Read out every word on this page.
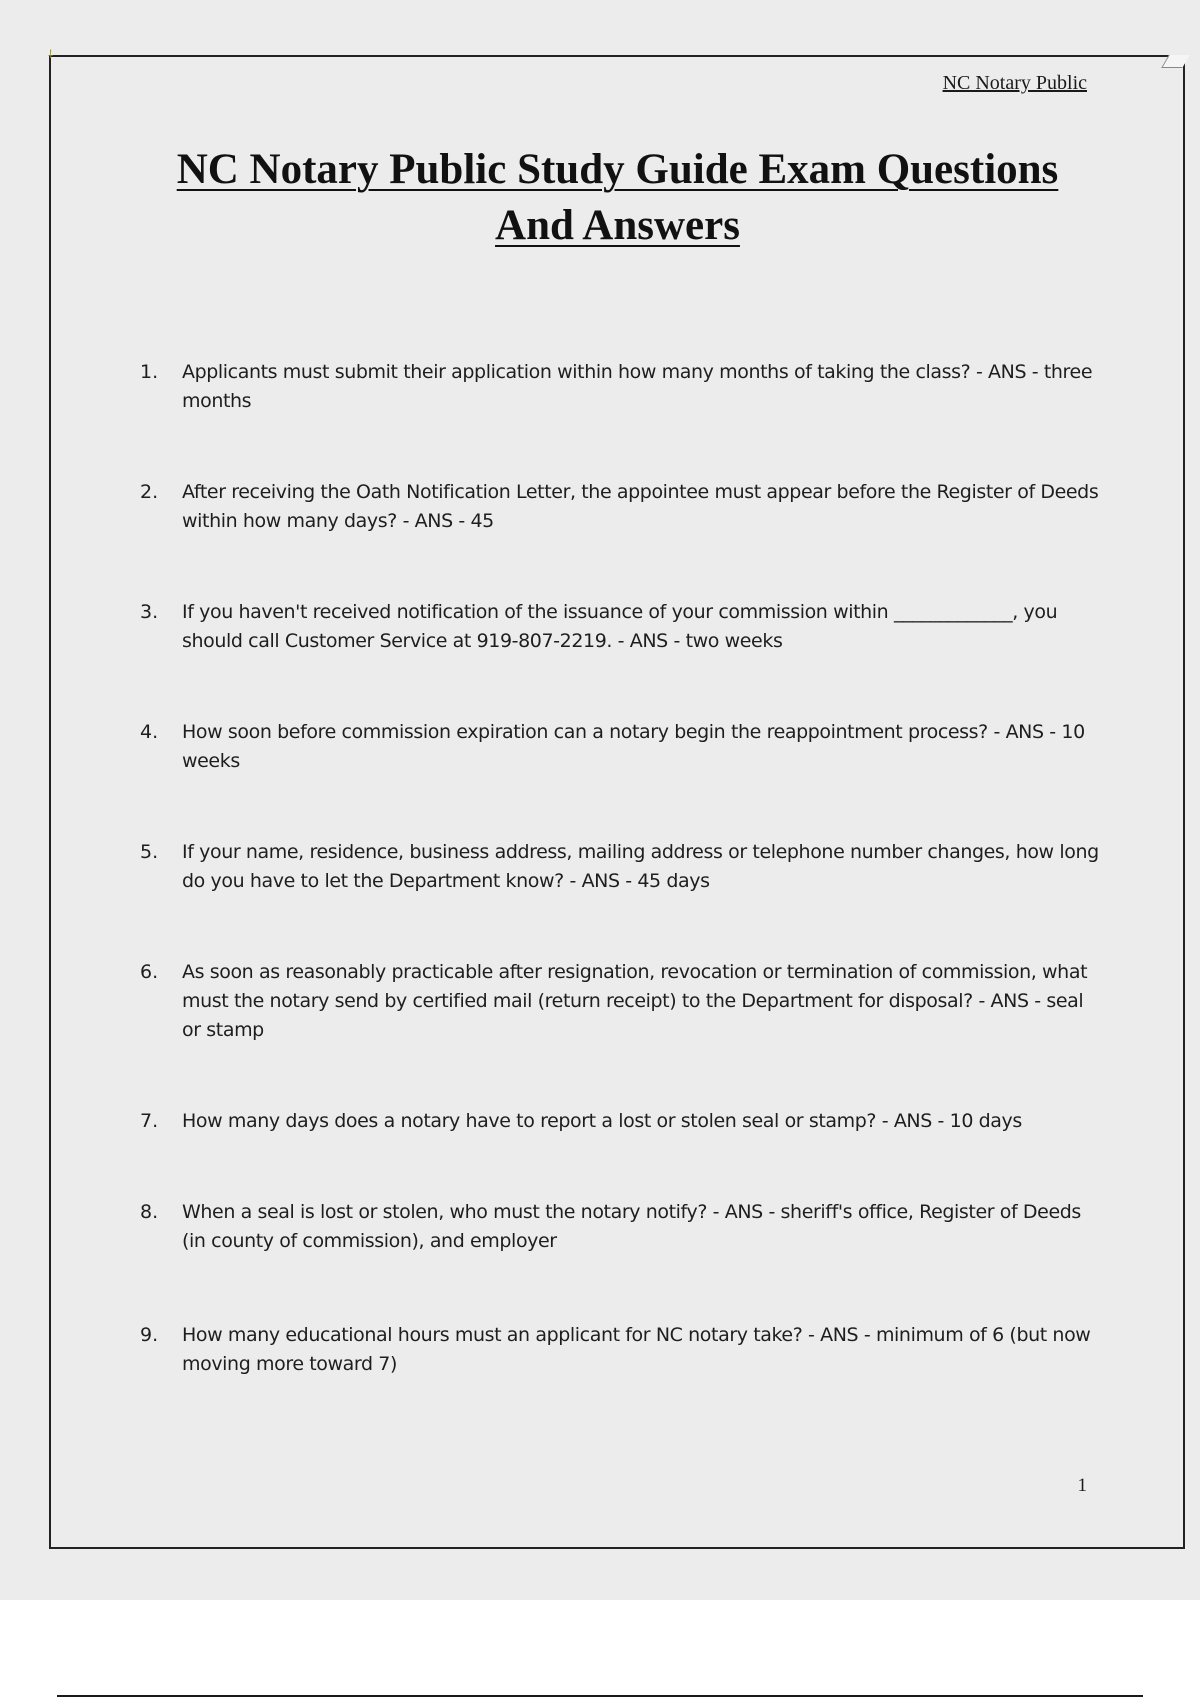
⸸

NC Notary Public

NC Notary Public Study Guide Exam Questions
And Answers
1.	Applicants must submit their application within how many months of taking the class? - ANS - three months
2.	After receiving the Oath Notification Letter, the appointee must appear before the Register of Deeds within how many days? - ANS - 45
3.	If you haven't received notification of the issuance of your commission within _____________, you should call Customer Service at 919-807-2219. - ANS - two weeks
4.	How soon before commission expiration can a notary begin the reappointment process? - ANS - 10 weeks
5.	If your name, residence, business address, mailing address or telephone number changes, how long do you have to let the Department know? - ANS - 45 days
6.	As soon as reasonably practicable after resignation, revocation or termination of commission, what must the notary send by certified mail (return receipt) to the Department for disposal? - ANS - seal or stamp
7.	How many days does a notary have to report a lost or stolen seal or stamp? - ANS - 10 days
8.	When a seal is lost or stolen, who must the notary notify? - ANS - sheriff's office, Register of Deeds (in county of commission), and employer
9.	How many educational hours must an applicant for NC notary take? - ANS - minimum of 6 (but now moving more toward 7)
1
